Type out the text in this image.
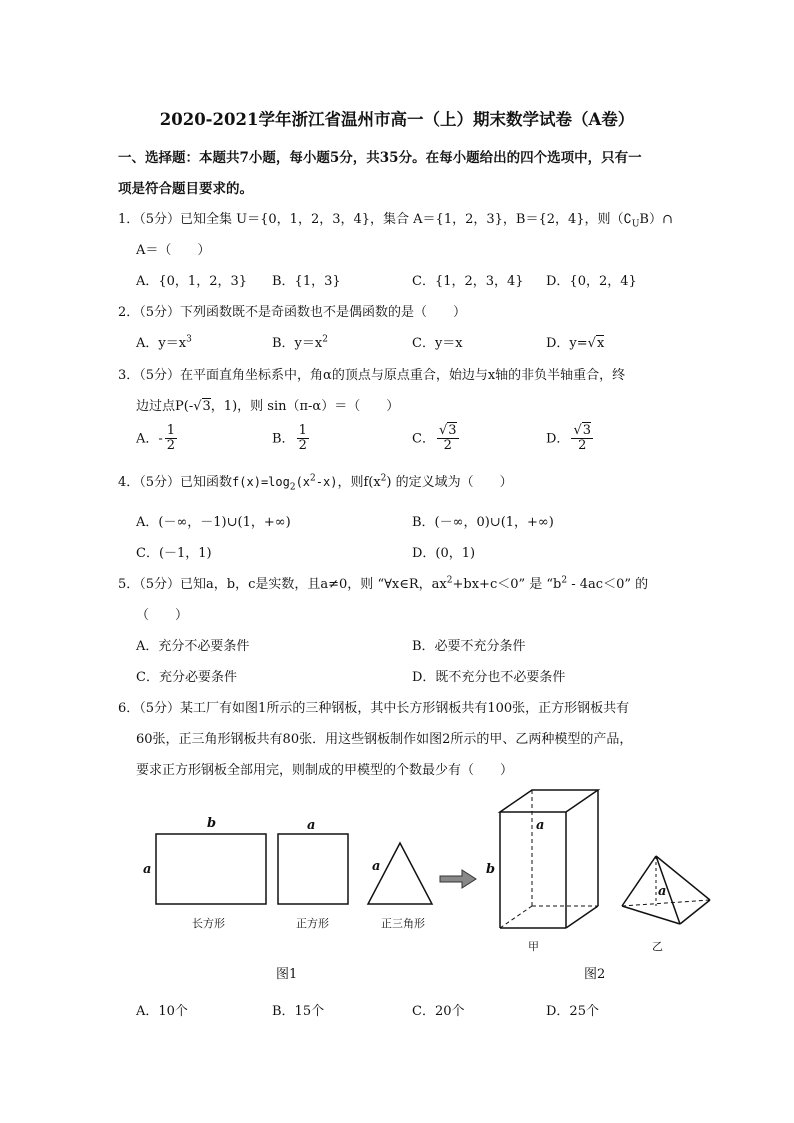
2020-2021学年浙江省温州市高一（上）期末数学试卷（A卷）
一、选择题：本题共7小题，每小题5分，共35分。在每小题给出的四个选项中，只有一
项是符合题目要求的。
1．（5分）已知全集 U＝{0，1，2，3，4}，集合 A＝{1，2，3}，B＝{2，4}，则$(∁_UB)\cap$
A＝（　　）
A．{0，1，2，3} B．{1，3}	C．{1，2，3，4} D．{0，2，4}
2．（5分）下列函数既不是奇函数也不是偶函数的是（　　）
A．$y=x^3$	B．$y=x^2$	C．y＝x	D．y=√x
3．（5分）在平面直角坐标系中，角α的顶点与原点重合，始边与x轴的非负半轴重合，终
边过点P(-√3，1)，则 sin（π-α）＝（　　）
A．- $\frac{1}{2}$	B． $\frac{1}{2}$	C． $\frac{√3}{2}$	D． $\frac{√3}{2}$
4．（5分）已知函数$f(x)=\log_2(x^2-x)$，则$f(x^2)$ 的定义域为（　　）
A．(－∞，－1)∪(1，+∞)	B．(－∞，0)∪(1，+∞)
C．(－1，1)	D．(0，1)
5．（5分）已知a，b，c是实数，且a≠0，则 “∀x∈R，$ax^2+bx+c<0$” 是 “$b^2 - 4ac<0$” 的
（　　）
A．充分不必要条件	B．必要不充分条件
C．充分必要条件	D．既不充分也不必要条件
6．（5分）某工厂有如图1所示的三种钢板，其中长方形钢板共有100张，正方形钢板共有
60张，正三角形钢板共有80张．用这些钢板制作如图2所示的甲、乙两种模型的产品，
要求正方形钢板全部用完，则制成的甲模型的个数最少有（　　）
b
a
a
a
长方形	正方形	正三角形
a
b
a
甲	乙
图1	图2
A．10个	B．15个	C．20个	D．25个
